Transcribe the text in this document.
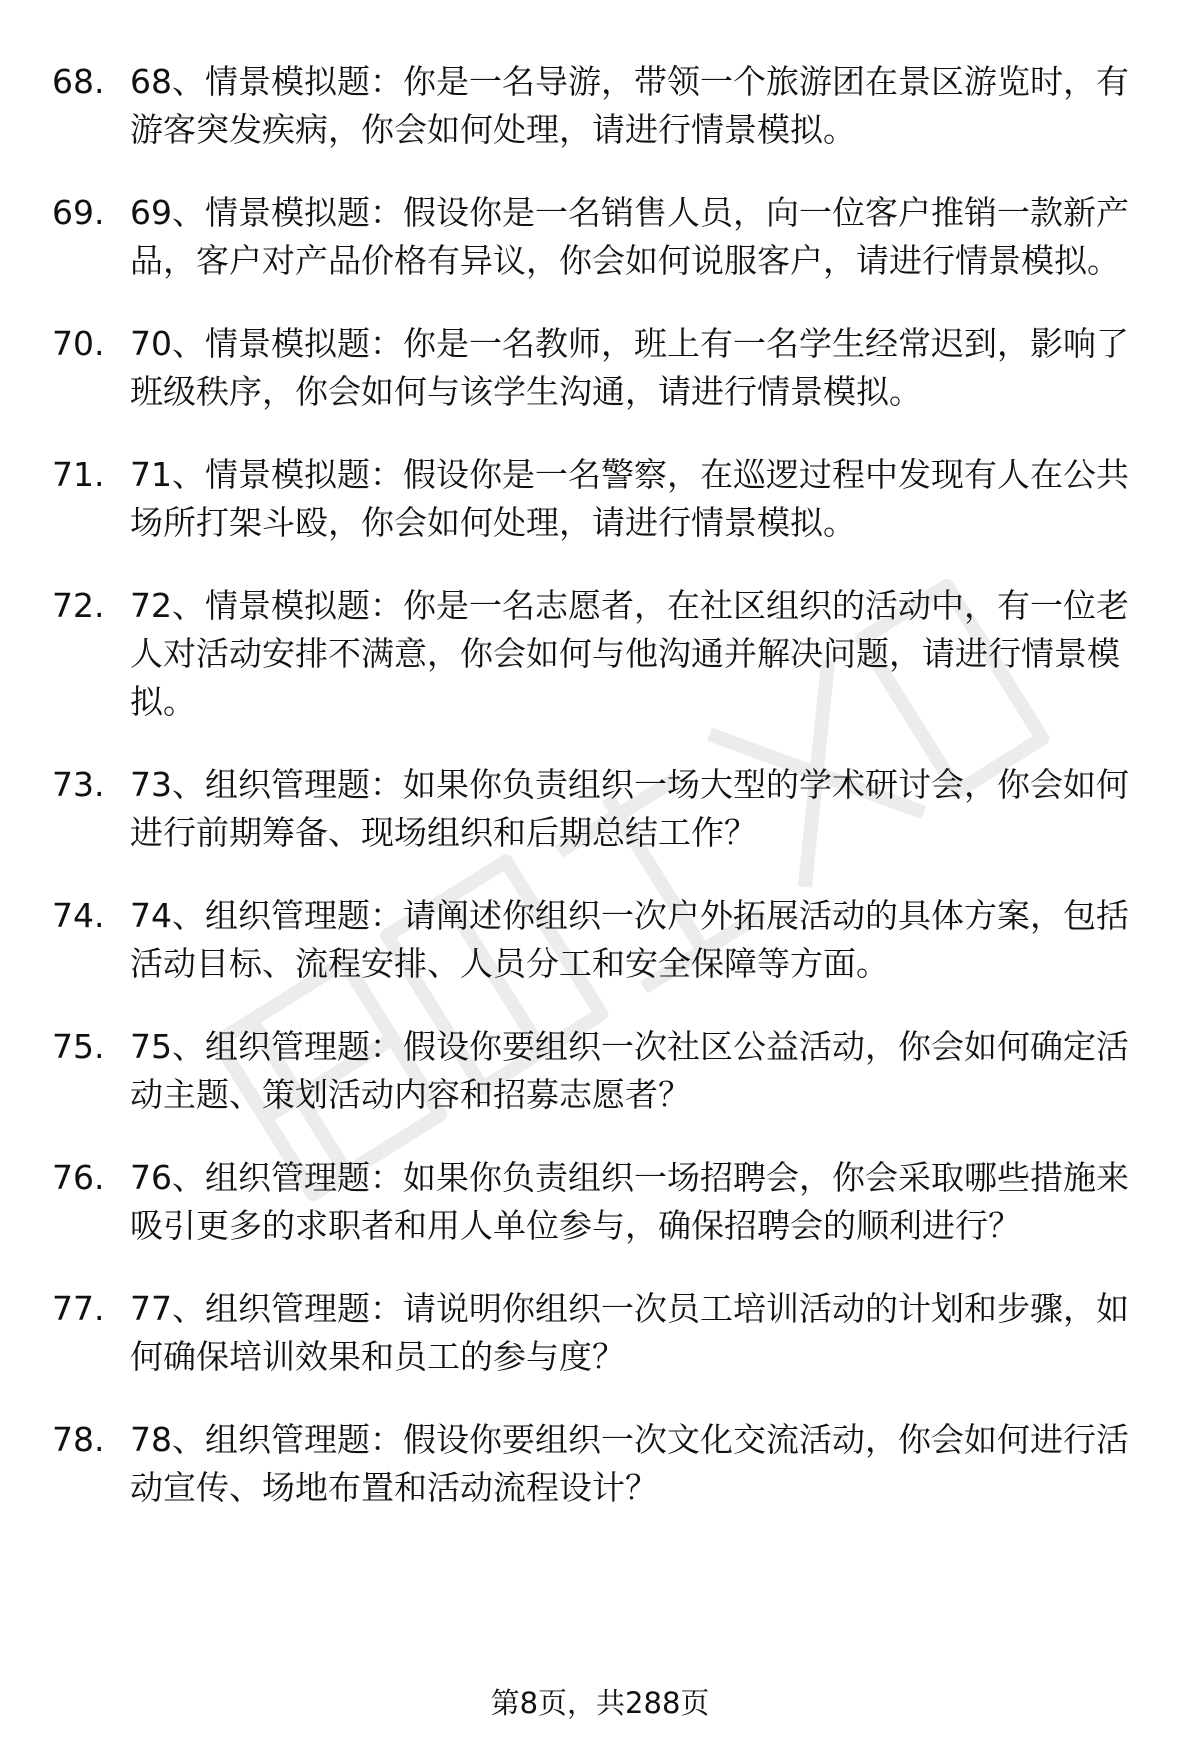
68. 68、情景模拟题：你是一名导游，带领一个旅游团在景区游览时，有游客突发疾病，你会如何处理，请进行情景模拟。
69. 69、情景模拟题：假设你是一名销售人员，向一位客户推销一款新产品，客户对产品价格有异议，你会如何说服客户，请进行情景模拟。
70. 70、情景模拟题：你是一名教师，班上有一名学生经常迟到，影响了班级秩序，你会如何与该学生沟通，请进行情景模拟。
71. 71、情景模拟题：假设你是一名警察，在巡逻过程中发现有人在公共场所打架斗殴，你会如何处理，请进行情景模拟。
72. 72、情景模拟题：你是一名志愿者，在社区组织的活动中，有一位老人对活动安排不满意，你会如何与他沟通并解决问题，请进行情景模拟。
73. 73、组织管理题：如果你负责组织一场大型的学术研讨会，你会如何进行前期筹备、现场组织和后期总结工作？
74. 74、组织管理题：请阐述你组织一次户外拓展活动的具体方案，包括活动目标、流程安排、人员分工和安全保障等方面。
75. 75、组织管理题：假设你要组织一次社区公益活动，你会如何确定活动主题、策划活动内容和招募志愿者？
76. 76、组织管理题：如果你负责组织一场招聘会，你会采取哪些措施来吸引更多的求职者和用人单位参与，确保招聘会的顺利进行？
77. 77、组织管理题：请说明你组织一次员工培训活动的计划和步骤，如何确保培训效果和员工的参与度？
78. 78、组织管理题：假设你要组织一次文化交流活动，你会如何进行活动宣传、场地布置和活动流程设计？
第8页，共288页
